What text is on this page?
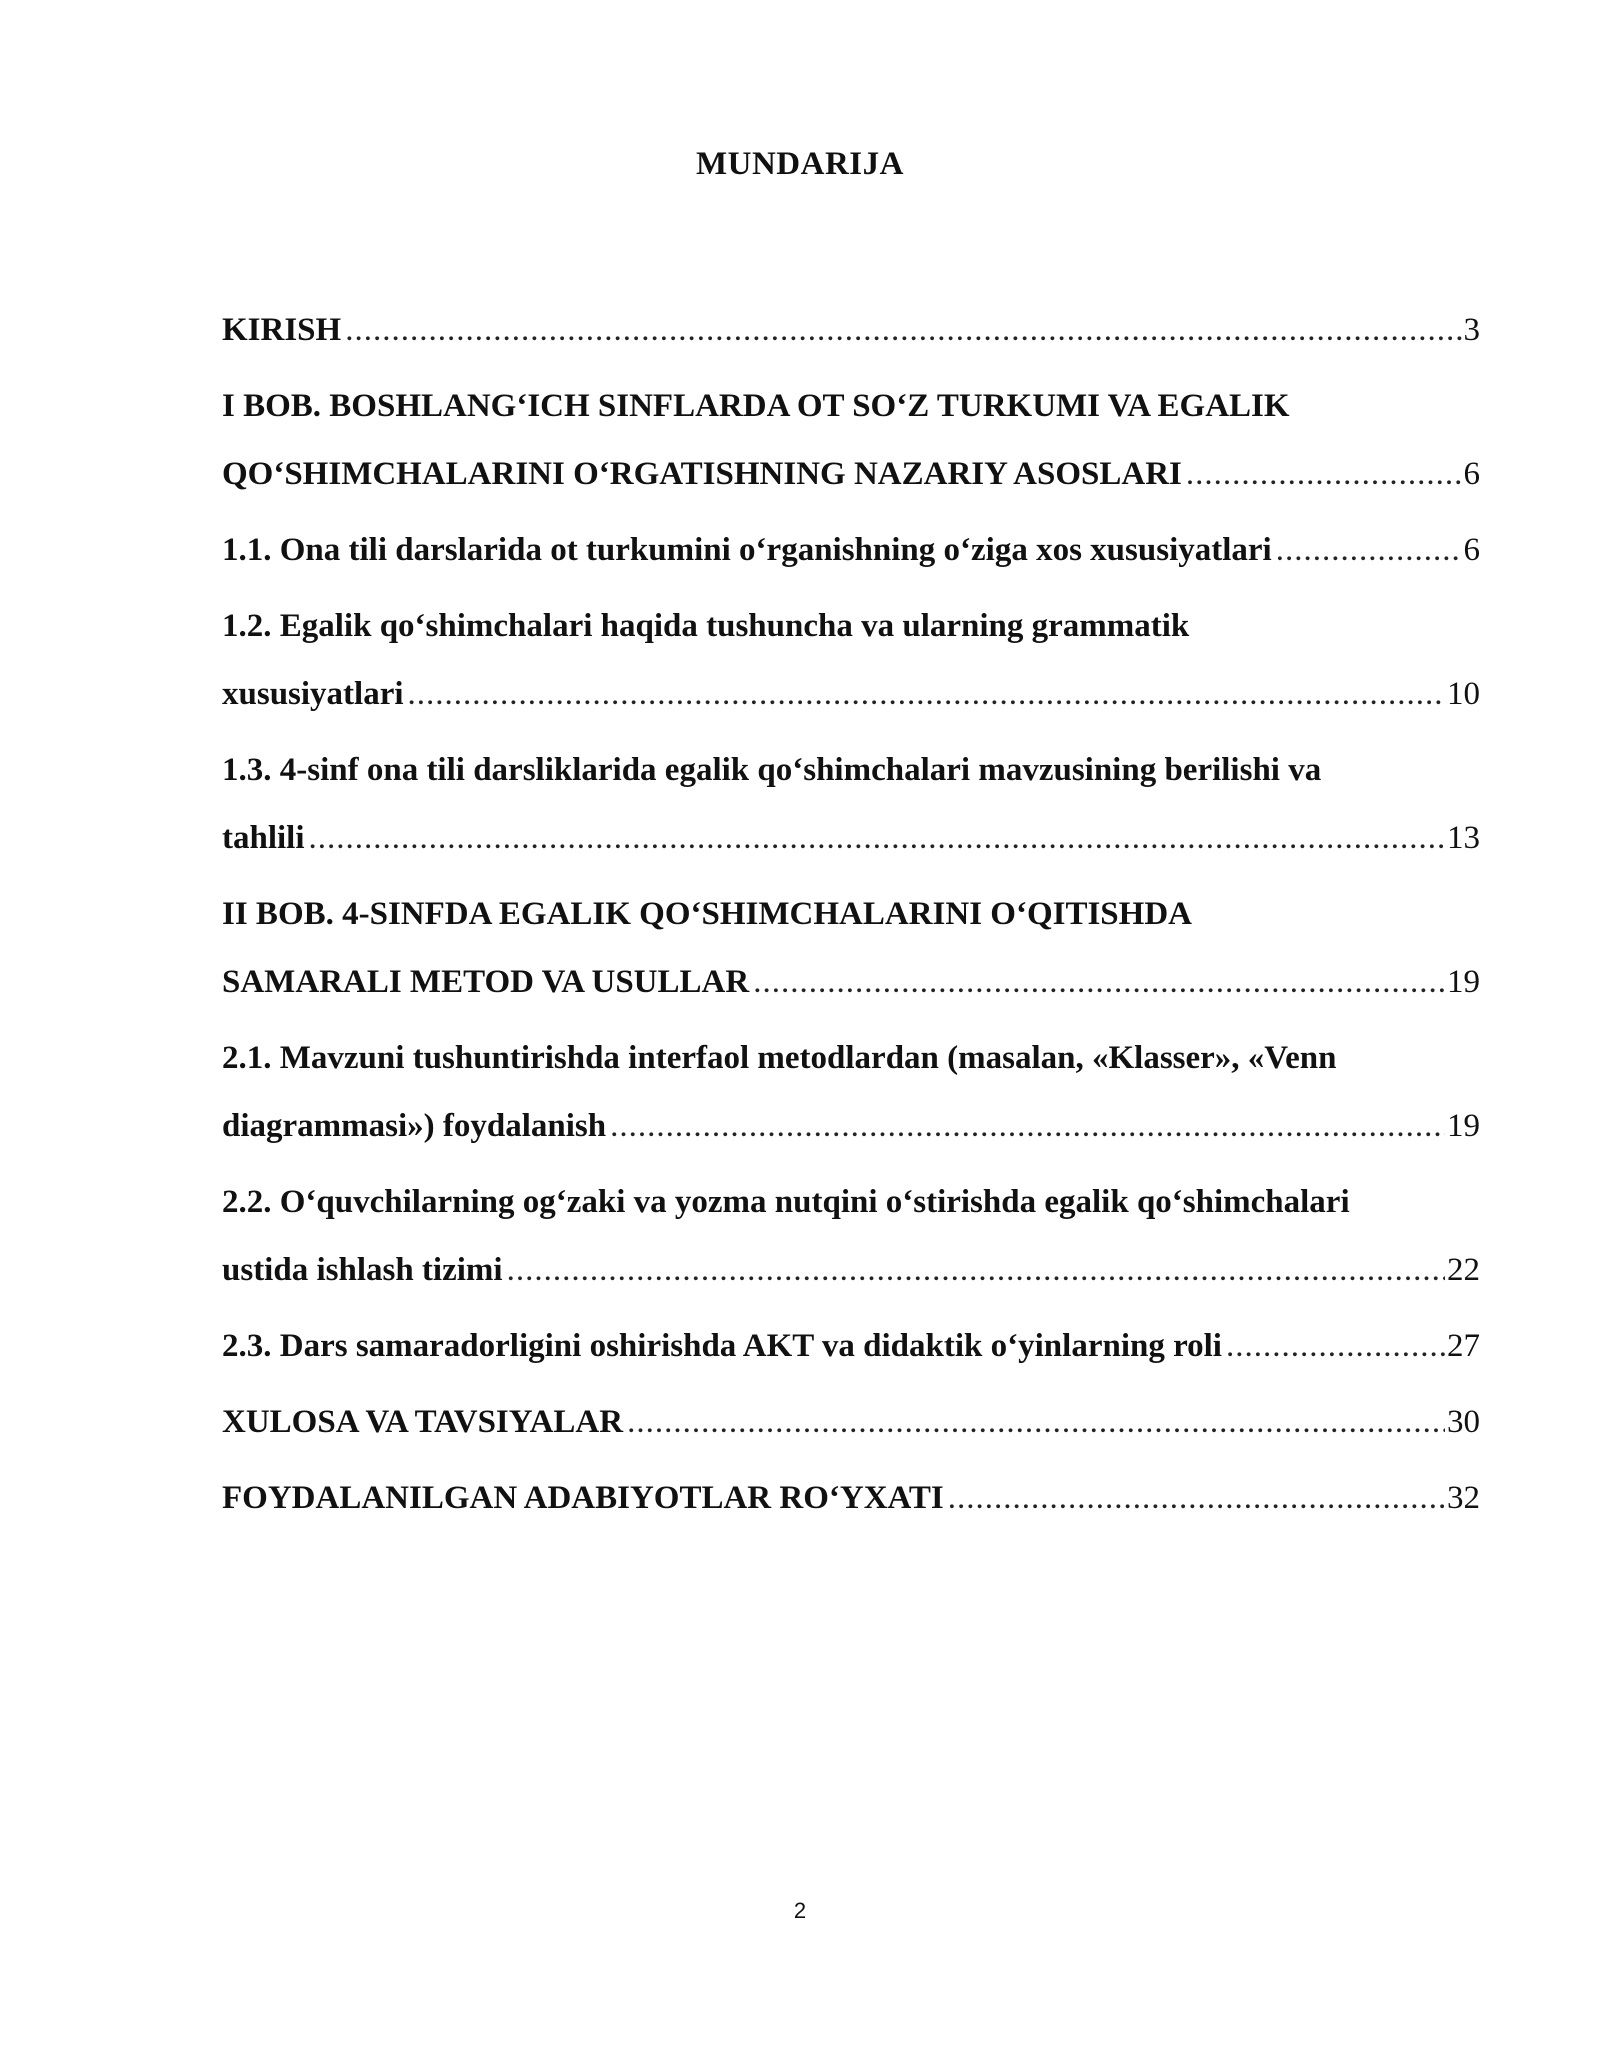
MUNDARIJA
KIRISH .....	3
I BOB. BOSHLANG‘ICH SINFLARDA OT SO‘Z TURKUMI VA EGALIK
QO‘SHIMCHALARINI O‘RGATISHNING NAZARIY ASOSLARI .....	6
1.1. Ona tili darslarida ot turkumini o‘rganishning o‘ziga xos xususiyatlari .....	6
1.2. Egalik qo‘shimchalari haqida tushuncha va ularning grammatik
xususiyatlari .....	10
1.3. 4-sinf ona tili darsliklarida egalik qo‘shimchalari mavzusining berilishi va
tahlili .....	13
II BOB. 4-SINFDA EGALIK QO‘SHIMCHALARINI O‘QITISHDA
SAMARALI METOD VA USULLAR .....	19
2.1. Mavzuni tushuntirishda interfaol metodlardan (masalan, «Klasser», «Venn
diagrammasi») foydalanish .....	19
2.2. O‘quvchilarning og‘zaki va yozma nutqini o‘stirishda egalik qo‘shimchalari
ustida ishlash tizimi .....	22
2.3. Dars samaradorligini oshirishda AKT va didaktik o‘yinlarning roli .....	27
XULOSA VA TAVSIYALAR .....	30
FOYDALANILGAN ADABIYOTLAR RO‘YXATI .....	32
2
